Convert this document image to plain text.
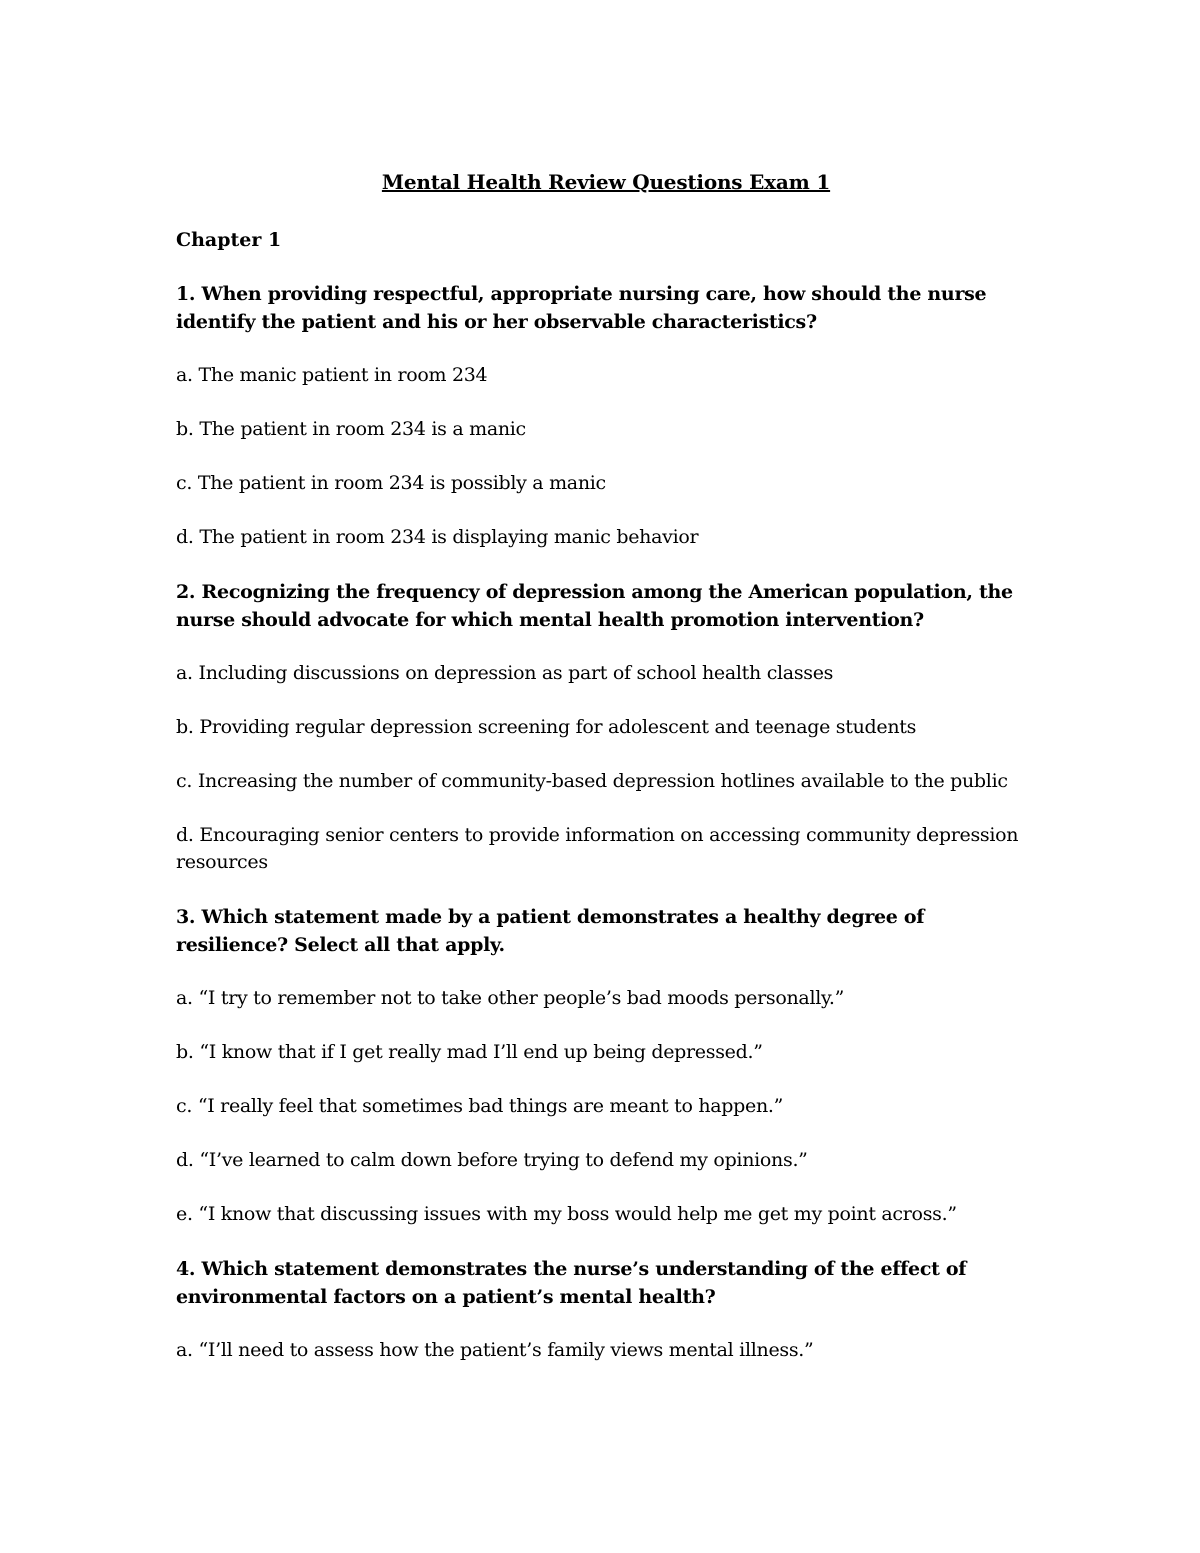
Mental Health Review Questions Exam 1
Chapter 1
1. When providing respectful, appropriate nursing care, how should the nurse identify the patient and his or her observable characteristics?
a. The manic patient in room 234
b. The patient in room 234 is a manic
c. The patient in room 234 is possibly a manic
d. The patient in room 234 is displaying manic behavior
2. Recognizing the frequency of depression among the American population, the nurse should advocate for which mental health promotion intervention?
a. Including discussions on depression as part of school health classes
b. Providing regular depression screening for adolescent and teenage students
c. Increasing the number of community-based depression hotlines available to the public
d. Encouraging senior centers to provide information on accessing community depression resources
3. Which statement made by a patient demonstrates a healthy degree of resilience? Select all that apply.
a. “I try to remember not to take other people’s bad moods personally.”
b. “I know that if I get really mad I’ll end up being depressed.”
c. “I really feel that sometimes bad things are meant to happen.”
d. “I’ve learned to calm down before trying to defend my opinions.”
e. “I know that discussing issues with my boss would help me get my point across.”
4. Which statement demonstrates the nurse’s understanding of the effect of environmental factors on a patient’s mental health?
a. “I’ll need to assess how the patient’s family views mental illness.”
